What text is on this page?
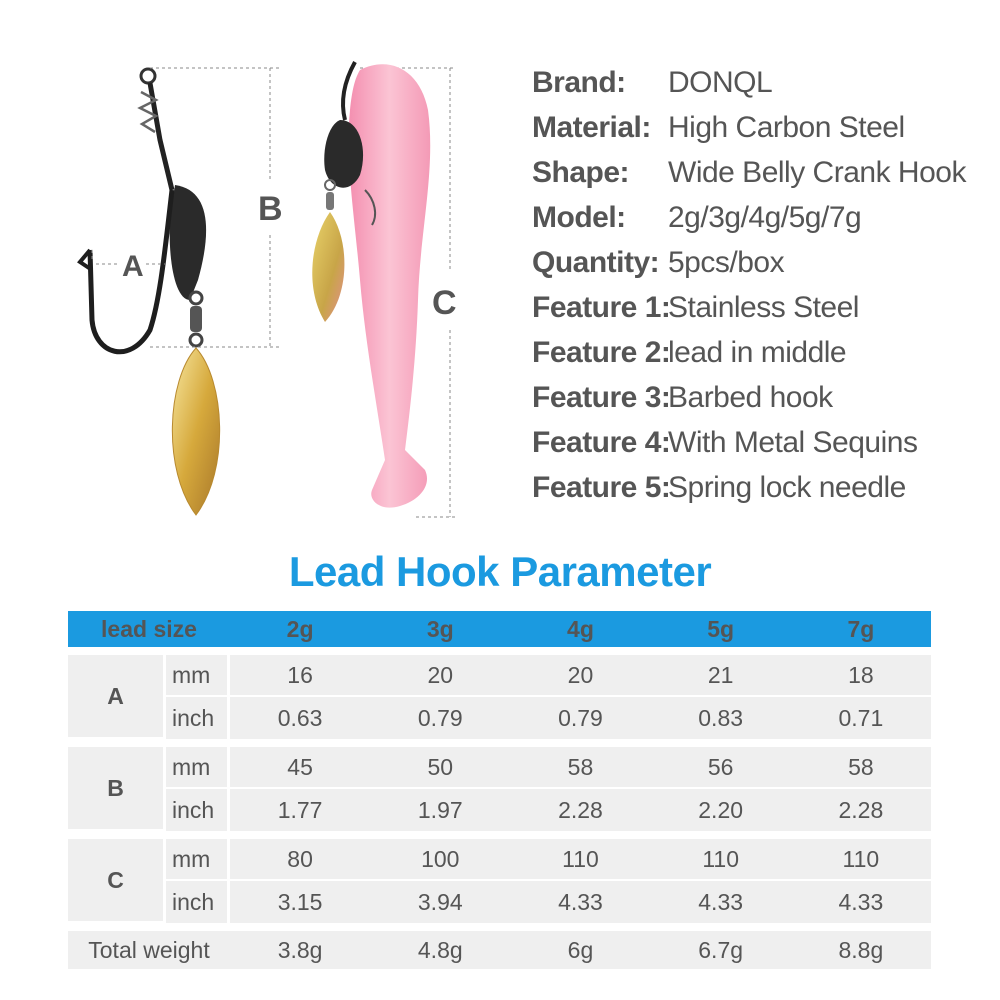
A
B
C
Brand:	DONQL
Material: High Carbon Steel
Shape:	Wide Belly Crank Hook
Model:	2g/3g/4g/5g/7g
Quantity: 5pcs/box
Feature 1:
Stainless Steel
Feature 2:
lead in middle
Feature 3:
Barbed hook
Feature 4:
With Metal Sequins
Feature 5:
Spring lock needle
Lead Hook Parameter
lead size		2g	3g	4g	5g	7g

A	mm	16	20	20	21	18
	inch	0.63	0.79	0.79	0.83	0.71

B	mm	45	50	58	56	58
	inch	1.77	1.97	2.28	2.20	2.28

C	mm	80	100	110	110	110
	inch	3.15	3.94	4.33	4.33	4.33

Total weight		3.8g	4.8g	6g	6.7g	8.8g
